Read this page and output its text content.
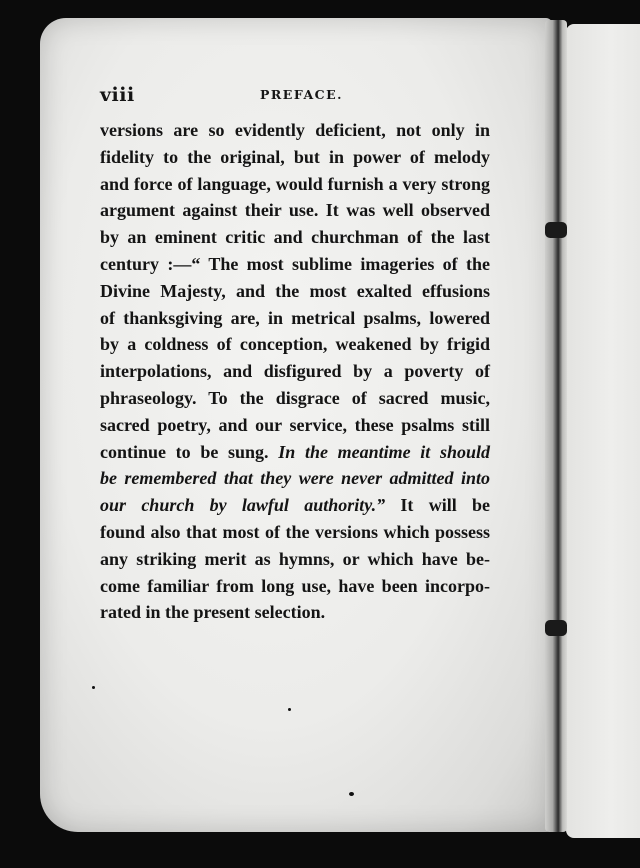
viii	PREFACE.
versions are so evidently deficient, not only in
fidelity to the original, but in power of melody
and force of language, would furnish a very strong
argument against their use. It was well observed
by an eminent critic and churchman of the last
century :—“ The most sublime imageries of the
Divine Majesty, and the most exalted effusions
of thanksgiving are, in metrical psalms, lowered
by a coldness of conception, weakened by frigid
interpolations, and disfigured by a poverty of
phraseology. To the disgrace of sacred music,
sacred poetry, and our service, these psalms still
continue to be sung. In the meantime it should
be remembered that they were never admitted into
our church by lawful authority.” It will be
found also that most of the versions which possess
any striking merit as hymns, or which have be-
come familiar from long use, have been incorpo-
rated in the present selection.
